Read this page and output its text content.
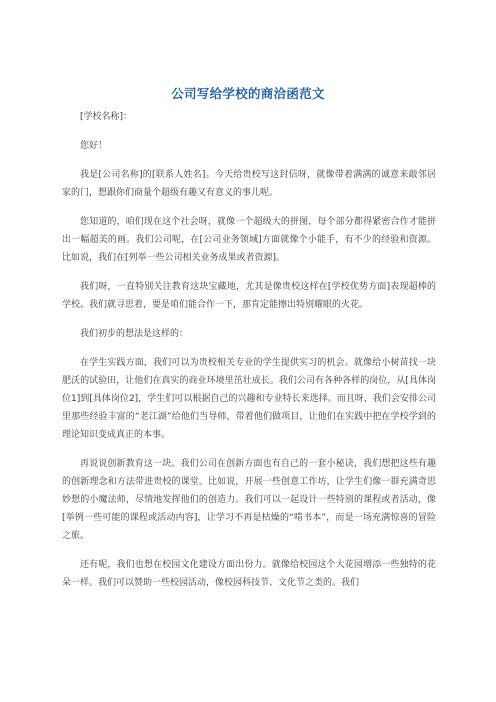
公司写给学校的商洽函范文

[学校名称]：

您好！

我是[公司名称]的[联系人姓名]。今天给贵校写这封信呀，就像带着满满的诚意来敲邻居家的门，想跟你们商量个超级有趣又有意义的事儿呢。

您知道的，咱们现在这个社会呀，就像一个超级大的拼图，每个部分都得紧密合作才能拼出一幅超美的画。我们公司呢，在[公司业务领域]方面就像个小能手，有不少的经验和资源。比如说，我们在[列举一些公司相关业务成果或者资源]。

我们呀，一直特别关注教育这块宝藏地，尤其是像贵校这样在[学校优势方面]表现超棒的学校。我们就寻思着，要是咱们能合作一下，那肯定能擦出特别耀眼的火花。

我们初步的想法是这样的：

在学生实践方面，我们可以为贵校相关专业的学生提供实习的机会。就像给小树苗找一块肥沃的试验田，让他们在真实的商业环境里茁壮成长。我们公司有各种各样的岗位，从[具体岗位1]到[具体岗位2]，学生们可以根据自己的兴趣和专业特长来选择。而且呀，我们会安排公司里那些经验丰富的“老江湖”给他们当导师，带着他们做项目，让他们在实践中把在学校学到的理论知识变成真正的本事。

再说说创新教育这一块。我们公司在创新方面也有自己的一套小秘诀，我们想把这些有趣的创新理念和方法带进贵校的课堂。比如说，开展一些创意工作坊，让学生们像一群充满奇思妙想的小魔法师，尽情地发挥他们的创造力。我们可以一起设计一些特别的课程或者活动，像[举例一些可能的课程或活动内容]，让学习不再是枯燥的“啃书本”，而是一场充满惊喜的冒险之旅。

还有呢，我们也想在校园文化建设方面出份力。就像给校园这个大花园增添一些独特的花朵一样。我们可以赞助一些校园活动，像校园科技节、文化节之类的。我们
